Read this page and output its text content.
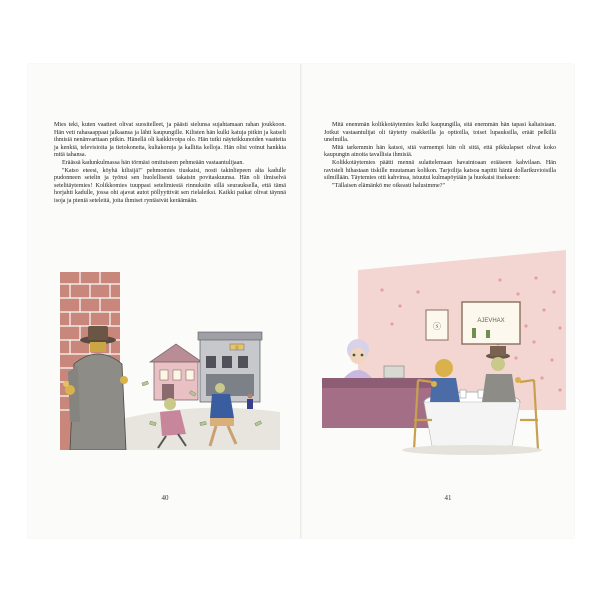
Mies teki, kuten vaatteet olivat suositelleet, ja päästi sielunsa sujahtamaan rahan joukkoon. Hän veti rahasaappaat jalkaansa ja lähti kaupungille. Kilisten hän kulki katuja pitkin ja katseli ihmisiä nenänvarttaan pitkin. Hänellä oli kaikkivoipa olo. Hän tutki näyteikkunoiden vaatteita ja kenkiä, televisioita ja tietokoneita, kultakoruja ja kalliita kelloja. Hän olisi voinut hankkia mitä tahansa.

Eräässä kadunkulmassa hän törmäsi omituiseen pehmeään vastaantulijaan.

"Katso eteesi, köyhä kilisijä!" pehmomies tiuskaisi, nosti takinliepeen alta kadulle pudonneen setelin ja työnsi sen huolellisesti takaisin povitaskuunsa. Hän oli ilmiselvä setelitäytemies! Kolikkomies tuuppasi setelimiestä rinnuksiin sillä seurauksella, että tämä horjahti kadulle, jossa ohi ajavat autot pöllyyttivät sen rielaleiksi. Kaikki paikat olivat täynnä isoja ja pieniä seteleitä, joita ihmiset ryntäsivät keräämään.

ⓢ
40

Mitä enemmän kolikkotäytemies kulki kaupungilla, sitä enemmän hän tapasi kaltaisiaan. Jotkut vastaantulijat oli täytetty osakkeilla ja optioilla, toiset lupauksilla, eräät pelkillä unelmilla.

Mitä tarkemmin hän katsoi, sitä varmempi hän oli siitä, että pikkulapset olivat koko kaupungin ainoita tavallisia ihmisiä.

Kolikkotäytemies päätti mennä sulattelemaan havaintoaan erääseen kahvilaan. Hän ravisteli hihastaan tiskille muutaman kolikon. Tarjoilija katsoa napitti häntä dollarikuvioisilla silmillään. Täytemies otti kahvinsa, istuutui kulmapöytään ja huokaisi itsekseen:

"Tällaisen elämänkö me oikeasti halusimme?"

ⓢ
AJEVHAX
41
